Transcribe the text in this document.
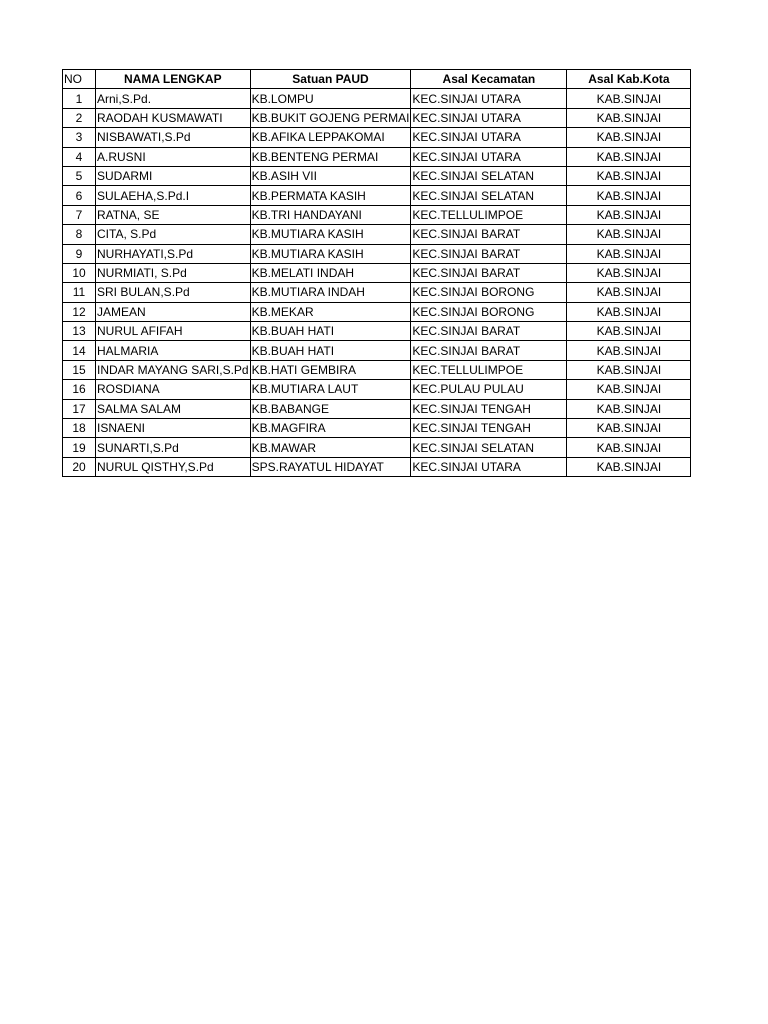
NO	NAMA LENGKAP	Satuan PAUD	Asal Kecamatan	Asal Kab.Kota
1	Arni,S.Pd.	KB.LOMPU	KEC.SINJAI UTARA	KAB.SINJAI
2	RAODAH KUSMAWATI	KB.BUKIT GOJENG PERMAI	KEC.SINJAI UTARA	KAB.SINJAI
3	NISBAWATI,S.Pd	KB.AFIKA LEPPAKOMAI	KEC.SINJAI UTARA	KAB.SINJAI
4	A.RUSNI	KB.BENTENG PERMAI	KEC.SINJAI UTARA	KAB.SINJAI
5	SUDARMI	KB.ASIH VII	KEC.SINJAI SELATAN	KAB.SINJAI
6	SULAEHA,S.Pd.I	KB.PERMATA KASIH	KEC.SINJAI SELATAN	KAB.SINJAI
7	RATNA, SE	KB.TRI HANDAYANI	KEC.TELLULIMPOE	KAB.SINJAI
8	CITA, S.Pd	KB.MUTIARA KASIH	KEC.SINJAI BARAT	KAB.SINJAI
9	NURHAYATI,S.Pd	KB.MUTIARA KASIH	KEC.SINJAI BARAT	KAB.SINJAI
10	NURMIATI, S.Pd	KB.MELATI INDAH	KEC.SINJAI BARAT	KAB.SINJAI
11	SRI BULAN,S.Pd	KB.MUTIARA INDAH	KEC.SINJAI BORONG	KAB.SINJAI
12	JAMEAN	KB.MEKAR	KEC.SINJAI BORONG	KAB.SINJAI
13	NURUL AFIFAH	KB.BUAH HATI	KEC.SINJAI BARAT	KAB.SINJAI
14	HALMARIA	KB.BUAH HATI	KEC.SINJAI BARAT	KAB.SINJAI
15	INDAR MAYANG SARI,S.Pd	KB.HATI GEMBIRA	KEC.TELLULIMPOE	KAB.SINJAI
16	ROSDIANA	KB.MUTIARA LAUT	KEC.PULAU PULAU	KAB.SINJAI
17	SALMA SALAM	KB.BABANGE	KEC.SINJAI TENGAH	KAB.SINJAI
18	ISNAENI	KB.MAGFIRA	KEC.SINJAI TENGAH	KAB.SINJAI
19	SUNARTI,S.Pd	KB.MAWAR	KEC.SINJAI SELATAN	KAB.SINJAI
20	NURUL QISTHY,S.Pd	SPS.RAYATUL HIDAYAT	KEC.SINJAI UTARA	KAB.SINJAI
